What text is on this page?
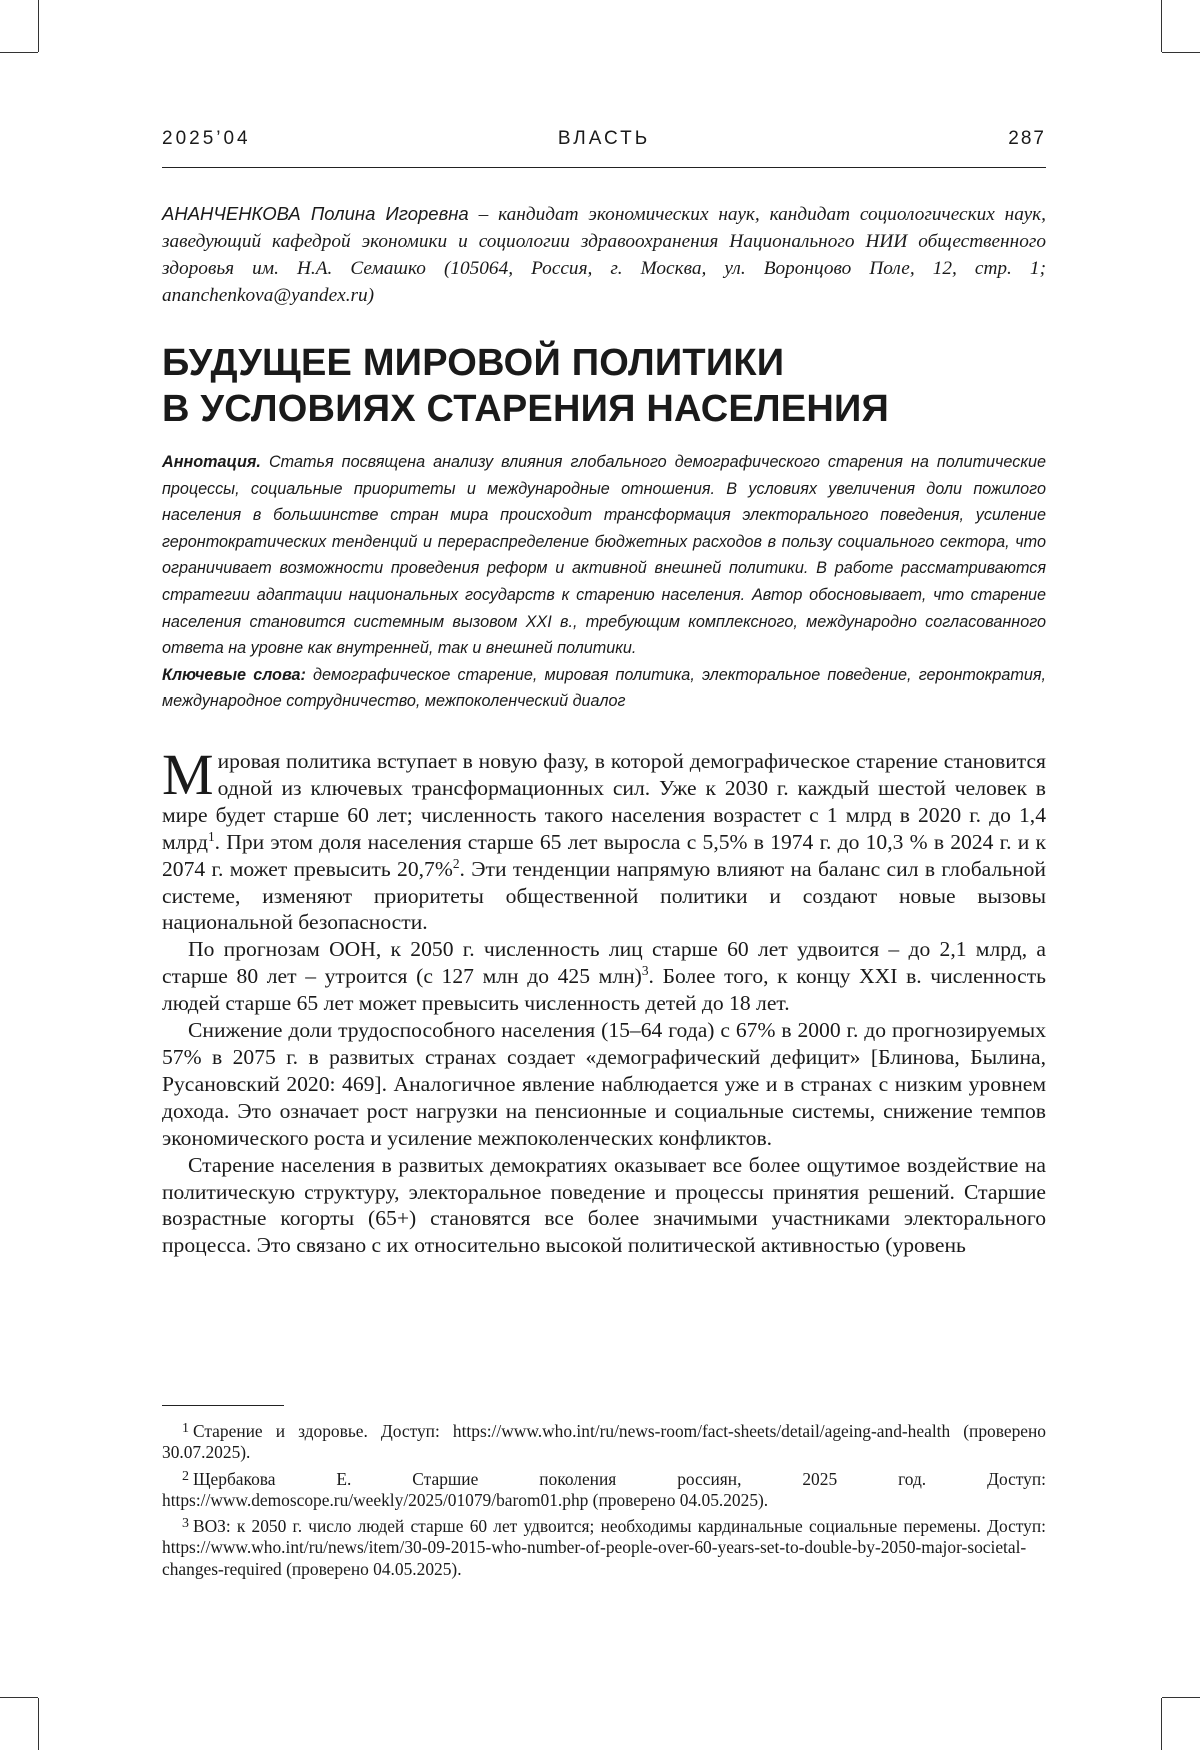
2025’04	ВЛАСТЬ	287
АНАНЧЕНКОВА Полина Игоревна – кандидат экономических наук, кандидат социологических наук, заведующий кафедрой экономики и социологии здравоохранения Национального НИИ общественного здоровья им. Н.А. Семашко (105064, Россия, г. Москва, ул. Воронцово Поле, 12, стр. 1; ananchenkova@yandex.ru)
БУДУЩЕЕ МИРОВОЙ ПОЛИТИКИ
В УСЛОВИЯХ СТАРЕНИЯ НАСЕЛЕНИЯ
Аннотация. Статья посвящена анализу влияния глобального демографического старения на политические процессы, социальные приоритеты и международные отношения. В условиях увеличения доли пожилого населения в большинстве стран мира происходит трансформация электорального поведения, усиление геронтократических тенденций и перераспределение бюджетных расходов в пользу социального сектора, что ограничивает возможности проведения реформ и активной внешней политики. В работе рассматриваются стратегии адаптации национальных государств к старению населения. Автор обосновывает, что старение населения становится системным вызовом XXI в., требующим комплексного, международно согласованного ответа на уровне как внутренней, так и внешней политики.
Ключевые слова: демографическое старение, мировая политика, электоральное поведение, геронтократия, международное сотрудничество, межпоколенческий диалог

Мировая политика вступает в новую фазу, в которой демографическое старение становится одной из ключевых трансформационных сил. Уже к 2030 г. каждый шестой человек в мире будет старше 60 лет; численность такого населения возрастет с 1 млрд в 2020 г. до 1,4 млрд$^1$. При этом доля населения старше 65 лет выросла с 5,5% в 1974 г. до 10,3 % в 2024 г. и к 2074 г. может превысить 20,7%$^2$. Эти тенденции напрямую влияют на баланс сил в глобальной системе, изменяют приоритеты общественной политики и создают новые вызовы национальной безопасности.

По прогнозам ООН, к 2050 г. численность лиц старше 60 лет удвоится – до 2,1 млрд, а старше 80 лет – утроится (с 127 млн до 425 млн)$^3$. Более того, к концу XXI в. численность людей старше 65 лет может превысить численность детей до 18 лет.

Снижение доли трудоспособного населения (15–64 года) с 67% в 2000 г. до прогнозируемых 57% в 2075 г. в развитых странах создает «демографический дефицит» [Блинова, Былина, Русановский 2020: 469]. Аналогичное явление наблюдается уже и в странах с низким уровнем дохода. Это означает рост нагрузки на пенсионные и социальные системы, снижение темпов экономического роста и усиление межпоколенческих конфликтов.

Старение населения в развитых демократиях оказывает все более ощутимое воздействие на политическую структуру, электоральное поведение и процессы принятия решений. Старшие возрастные когорты (65+) становятся все более значимыми участниками электорального процесса. Это связано с их относительно высокой политической активностью (уровень

$^1$ Старение и здоровье. Доступ: https://www.who.int/ru/news-room/fact-sheets/detail/ageing-and-health (проверено 30.07.2025).
$^2$ Щербакова Е. Старшие поколения россиян, 2025 год. Доступ: https://www.demoscope.ru/weekly/2025/01079/barom01.php (проверено 04.05.2025).
$^3$ ВОЗ: к 2050 г. число людей старше 60 лет удвоится; необходимы кардинальные социальные перемены. Доступ: https://www.who.int/ru/news/item/30-09-2015-who-number-of-people-over-60-years-set-to-double-by-2050-major-societal-changes-required (проверено 04.05.2025).
